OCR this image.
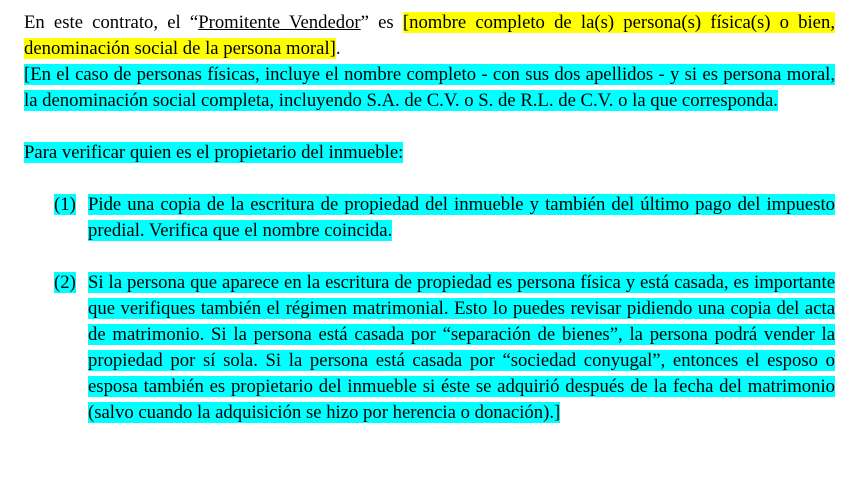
En este contrato, el “Promitente Vendedor” es [nombre completo de la(s) persona(s) física(s) o bien, denominación social de la persona moral].

[En el caso de personas físicas, incluye el nombre completo - con sus dos apellidos - y si es persona moral, la denominación social completa, incluyendo S.A. de C.V. o S. de R.L. de C.V. o la que corresponda.

Para verificar quien es el propietario del inmueble:

(1) Pide una copia de la escritura de propiedad del inmueble y también del último pago del impuesto predial. Verifica que el nombre coincida.

(2) Si la persona que aparece en la escritura de propiedad es persona física y está casada, es importante que verifiques también el régimen matrimonial. Esto lo puedes revisar pidiendo una copia del acta de matrimonio. Si la persona está casada por “separación de bienes”, la persona podrá vender la propiedad por sí sola. Si la persona está casada por “sociedad conyugal”, entonces el esposo o esposa también es propietario del inmueble si éste se adquirió después de la fecha del matrimonio (salvo cuando la adquisición se hizo por herencia o donación).]
